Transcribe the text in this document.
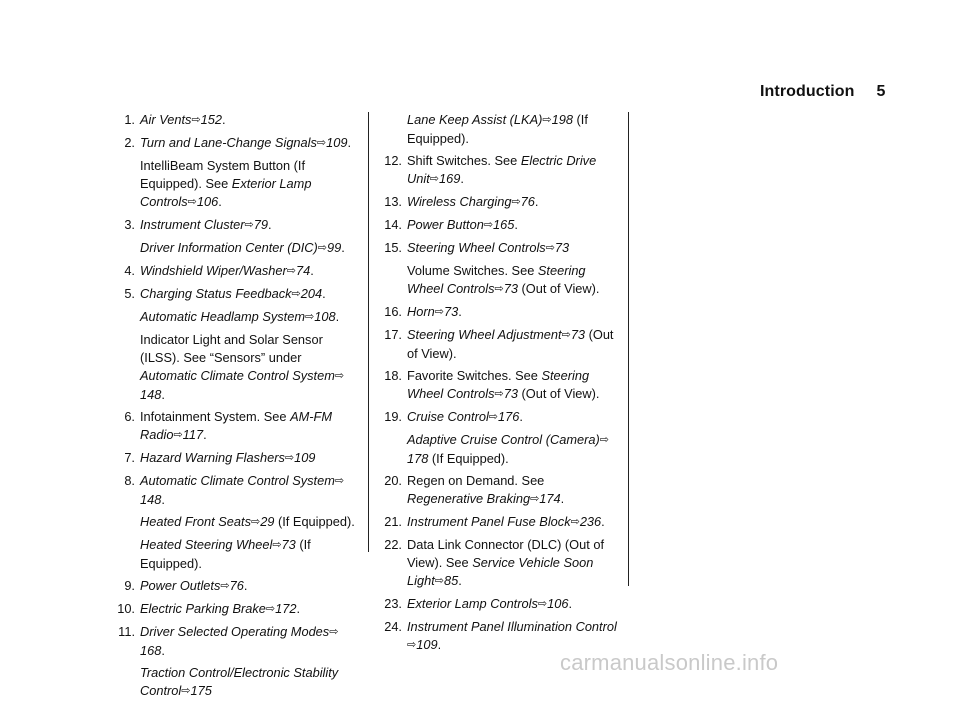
Introduction 5
1. Air Vents⇨152.
2. Turn and Lane-Change Signals⇨109.
IntelliBeam System Button (If Equipped). See Exterior Lamp Controls⇨106.
3. Instrument Cluster⇨79.
Driver Information Center (DIC)⇨99.
4. Windshield Wiper/Washer⇨74.
5. Charging Status Feedback⇨204.
Automatic Headlamp System⇨108.
Indicator Light and Solar Sensor (ILSS). See “Sensors” under Automatic Climate Control System⇨148.
6. Infotainment System. See AM-FM Radio⇨117.
7. Hazard Warning Flashers⇨109
8. Automatic Climate Control System⇨148.
Heated Front Seats⇨29 (If Equipped).
Heated Steering Wheel⇨73 (If Equipped).
9. Power Outlets⇨76.
10. Electric Parking Brake⇨172.
11. Driver Selected Operating Modes⇨168.
Traction Control/Electronic Stability Control⇨175
Lane Keep Assist (LKA)⇨198 (If Equipped).
12. Shift Switches. See Electric Drive Unit⇨169.
13. Wireless Charging⇨76.
14. Power Button⇨165.
15. Steering Wheel Controls⇨73
Volume Switches. See Steering Wheel Controls⇨73 (Out of View).
16. Horn⇨73.
17. Steering Wheel Adjustment⇨73 (Out of View).
18. Favorite Switches. See Steering Wheel Controls⇨73 (Out of View).
19. Cruise Control⇨176.
Adaptive Cruise Control (Camera)⇨178 (If Equipped).
20. Regen on Demand. See Regenerative Braking⇨174.
21. Instrument Panel Fuse Block⇨236.
22. Data Link Connector (DLC) (Out of View). See Service Vehicle Soon Light⇨85.
23. Exterior Lamp Controls⇨106.
24. Instrument Panel Illumination Control⇨109.
carmanualsonline.info
